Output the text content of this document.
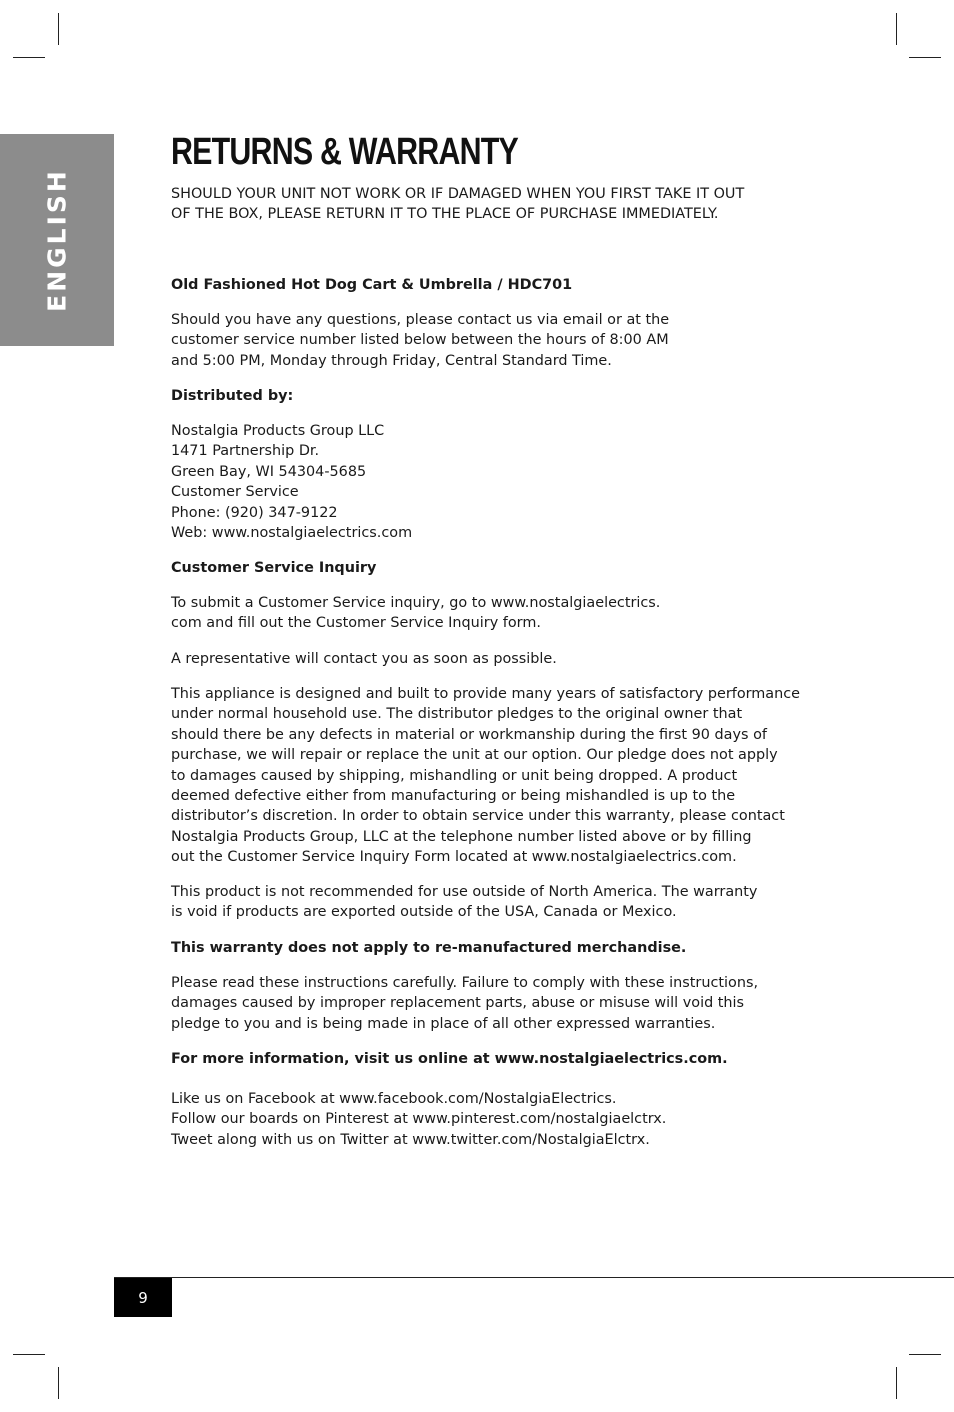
ENGLISH
RETURNS & WARRANTY

SHOULD YOUR UNIT NOT WORK OR IF DAMAGED WHEN YOU FIRST TAKE IT OUT
OF THE BOX, PLEASE RETURN IT TO THE PLACE OF PURCHASE IMMEDIATELY.

Old Fashioned Hot Dog Cart & Umbrella / HDC701

Should you have any questions, please contact us via email or at the
customer service number listed below between the hours of 8:00 AM
and 5:00 PM, Monday through Friday, Central Standard Time.

Distributed by:

Nostalgia Products Group LLC
1471 Partnership Dr.
Green Bay, WI 54304-5685
Customer Service
Phone: (920) 347-9122
Web: www.nostalgiaelectrics.com

Customer Service Inquiry

To submit a Customer Service inquiry, go to www.nostalgiaelectrics.
com and fill out the Customer Service Inquiry form.

A representative will contact you as soon as possible.

This appliance is designed and built to provide many years of satisfactory performance
under normal household use. The distributor pledges to the original owner that
should there be any defects in material or workmanship during the first 90 days of
purchase, we will repair or replace the unit at our option. Our pledge does not apply
to damages caused by shipping, mishandling or unit being dropped. A product
deemed defective either from manufacturing or being mishandled is up to the
distributor’s discretion. In order to obtain service under this warranty, please contact
Nostalgia Products Group, LLC at the telephone number listed above or by filling
out the Customer Service Inquiry Form located at www.nostalgiaelectrics.com.

This product is not recommended for use outside of North America. The warranty
is void if products are exported outside of the USA, Canada or Mexico.

This warranty does not apply to re-manufactured merchandise.

Please read these instructions carefully. Failure to comply with these instructions,
damages caused by improper replacement parts, abuse or misuse will void this
pledge to you and is being made in place of all other expressed warranties.

For more information, visit us online at www.nostalgiaelectrics.com.

Like us on Facebook at www.facebook.com/NostalgiaElectrics.
Follow our boards on Pinterest at www.pinterest.com/nostalgiaelctrx.
Tweet along with us on Twitter at www.twitter.com/NostalgiaElctrx.

9
